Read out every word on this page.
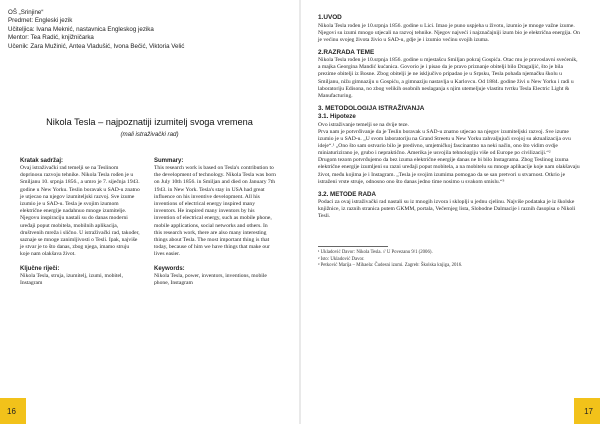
OŠ „Srinjine“
Predmet: Engleski jezik
Učiteljica: Ivana Meknić, nastavnica Engleskog jezika
Mentor: Tea Radić, knjižničarka
Učenik: Zara Mužinić, Antea Vladušić, Ivona Bečić, Viktoria Velić
Nikola Tesla – najpoznatiji izumitelj svoga vremena
(mali istraživački rad)
Kratak sadržaj:

Ovaj istraživački rad temelji se na Teslinom doprinosu razvoju tehnike. Nikola Tesla rođen je u Smiljanu 10. srpnja 1856., a umro je 7. siječnja 1943. godine u New Yorku. Teslin boravak u SAD-u znatno je utjecao na njegov izumiteljski razvoj. Sve izume izumio je u SAD-u. Tesla je svojim izumom električne energije nadahnuo mnoge izumitelje. Njegovu inspiraciju nastali su do danas moderni uređaji poput mobitela, mobilnih aplikacija, društvenih mreža i slično. U istraživački rad, također, saznaje se mnoge zanimljivosti o Tesli. Ipak, najviše je stvar je to što danas, zbog njega, imamo struju koje nam olakšava život.

Ključne riječi:

Nikola Tesla, struja, izumitelj, izumi, mobitel, Instagram

Summary:

This research work is based on Tesla's contribution to the development of technology. Nikola Tesla was born on July 10th 1856. in Smiljan and died on January 7th 1943. in New York. Tesla's stay in USA had great influence on his inventive development. All his inventions of electrical energy inspired many inventors. He inspired many inventors by his invention of electrical energy, such as mobile phone, mobile applications, social networks and others. In this research work, there are also many interesting things about Tesla. The most important thing is that today, because of him we have things that make our lives easier.

Keywords:

Nikola Tesla, power, inventors, inventions, mobile phone, Instagram

16
1.UVOD

Nikola Tesla rođen je 10.srpnja 1856. godine u Lici. Imao je puno uspjeha u životu, izumio je mnoge važne izume. Njegovi su izumi mnogo utjecali na razvoj tehnike. Njegov najveći i najznačajniji izum bio je električna energija. On je većinu svojeg života živio u SAD-u, gdje je i izumio većinu svojih izuma.

2.RAZRADA TEME

Nikola Tesla rođen je 10.srpnja 1856. godine u mjestašcu Smiljan pokraj Gospića. Otac mu je pravoslavni svećenik, a majka Georgina Mandić kućanica. Govorio je i pisao da je pravo priznanje obitelji bilo Dragaljić, što je bila prezime obitelji iz Bosne. Zbog obitelji je ne isključivo pripadao je u Srpsku, Tesla pohađa njemačku školu u Smiljanu, nižu gimnaziju u Gospiću, a gimnaziju nastavlja u Karlovcu. Od 1884. godine živi u New Yorku i radi u laboratoriju Edisona, no zbog velikih osobnih neslaganja s njim utemeljuje vlastitu tvrtku Tesla Electric Light & Manufacturing.

3. METODOLOGIJA ISTRAŽIVANJA
3.1. Hipoteze

Ovo istraživanje temelji se na dvije teze.

Prva nam je potvrđivanje da je Teslin boravak u SAD-u znatno utjecao na njegov izumiteljski razvoj. Sve izume izumio je u SAD-u. „U svom laboratoriju na Grand Streetu u New Yorku zahvaljujući svojoj su aktualizacija ovu ideje“.¹ „Ono što sam ostvario bilo je predivno, umjetničkoj fascinantno na neki način, ono što vidim ovdje miniaturizirano je, grubo i nepraktično. Amerika je usvojila tehnologiju više od Europe po civilizaciji.“²

Drugom tezom potvrđujemo da bez izuma električne energije danas ne bi bilo Instagrama. Zbog Teslinog izuma električne energije izumljeni su razni uređaji poput mobitela, a na mobitelu su mnoge aplikacije koje nam olakšavaju život, među kojima je i Instagram. „Tesla je svojim izumima pomogao da se san pretvori u stvarnost. Otkrio je istraženi vrste struje, odnosno ono što danas jedno time nosimo u svakom smislu.“³

3.2. METODE RADA

Podaci za ovaj istraživački rad nastali su iz mnogih izvora i skloplji u jednu cjelinu. Najviše podataka je iz školske knjižnice, iz raznih stranica putem GKMM, portala, Večernjeg lista, Slobodne Dalmacije i raznih časopisa o Nikoli Tesli.

¹ Ukladović Davor: Nikola Tesla. // U Povezanu 9/1 (2006).
² Isto: Ukladović Davor.
³ Petković Marija – Mihaela: Čudesni izumi. Zagreb: Školska knjiga, 2016.
17
